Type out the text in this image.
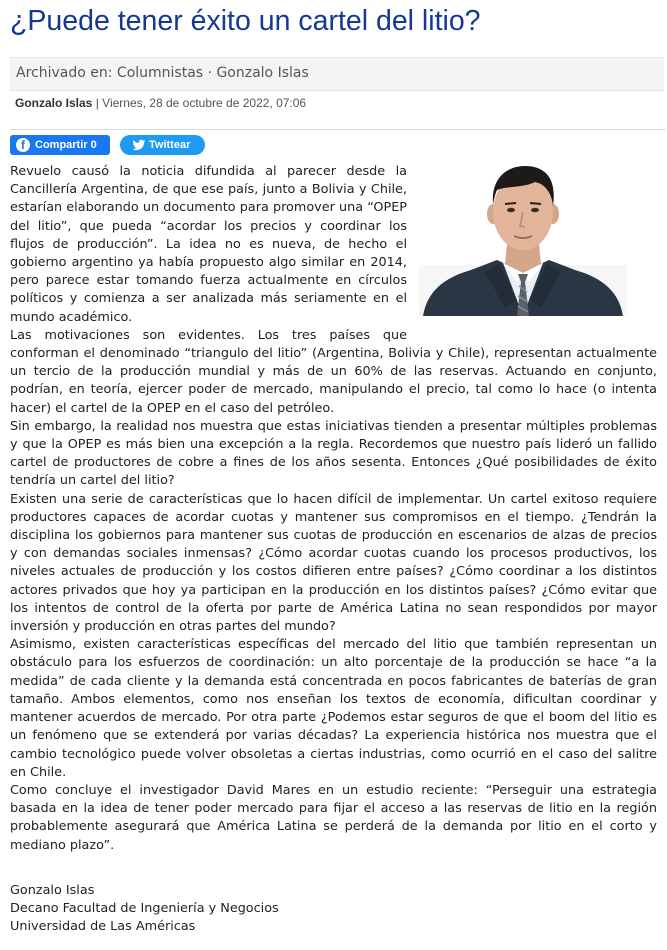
¿Puede tener éxito un cartel del litio?
Archivado en: Columnistas · Gonzalo Islas
Gonzalo Islas | Viernes, 28 de octubre de 2022, 07:06
f Compartir 0	Twittear

Revuelo causó la noticia difundida al parecer desde la Cancillería Argentina, de que ese país, junto a Bolivia y Chile, estarían elaborando un documento para promover una “OPEP del litio”, que pueda “acordar los precios y coordinar los flujos de producción”. La idea no es nueva, de hecho el gobierno argentino ya había propuesto algo similar en 2014, pero parece estar tomando fuerza actualmente en círculos políticos y comienza a ser analizada más seriamente en el mundo académico.

Las motivaciones son evidentes. Los tres países que conforman el denominado “triangulo del litio” (Argentina, Bolivia y Chile), representan actualmente un tercio de la producción mundial y más de un 60% de las reservas. Actuando en conjunto, podrían, en teoría, ejercer poder de mercado, manipulando el precio, tal como lo hace (o intenta hacer) el cartel de la OPEP en el caso del petróleo.

Sin embargo, la realidad nos muestra que estas iniciativas tienden a presentar múltiples problemas y que la OPEP es más bien una excepción a la regla. Recordemos que nuestro país lideró un fallido cartel de productores de cobre a fines de los años sesenta. Entonces ¿Qué posibilidades de éxito tendría un cartel del litio?

Existen una serie de características que lo hacen difícil de implementar. Un cartel exitoso requiere productores capaces de acordar cuotas y mantener sus compromisos en el tiempo. ¿Tendrán la disciplina los gobiernos para mantener sus cuotas de producción en escenarios de alzas de precios y con demandas sociales inmensas? ¿Cómo acordar cuotas cuando los procesos productivos, los niveles actuales de producción y los costos difieren entre países? ¿Cómo coordinar a los distintos actores privados que hoy ya participan en la producción en los distintos países? ¿Cómo evitar que los intentos de control de la oferta por parte de América Latina no sean respondidos por mayor inversión y producción en otras partes del mundo?

Asimismo, existen características específicas del mercado del litio que también representan un obstáculo para los esfuerzos de coordinación: un alto porcentaje de la producción se hace “a la medida” de cada cliente y la demanda está concentrada en pocos fabricantes de baterías de gran tamaño. Ambos elementos, como nos enseñan los textos de economía, dificultan coordinar y mantener acuerdos de mercado. Por otra parte ¿Podemos estar seguros de que el boom del litio es un fenómeno que se extenderá por varias décadas? La experiencia histórica nos muestra que el cambio tecnológico puede volver obsoletas a ciertas industrias, como ocurrió en el caso del salitre en Chile.

Como concluye el investigador David Mares en un estudio reciente: “Perseguir una estrategia basada en la idea de tener poder mercado para fijar el acceso a las reservas de litio en la región probablemente asegurará que América Latina se perderá de la demanda por litio en el corto y mediano plazo”.

Gonzalo Islas
Decano Facultad de Ingeniería y Negocios
Universidad de Las Américas
